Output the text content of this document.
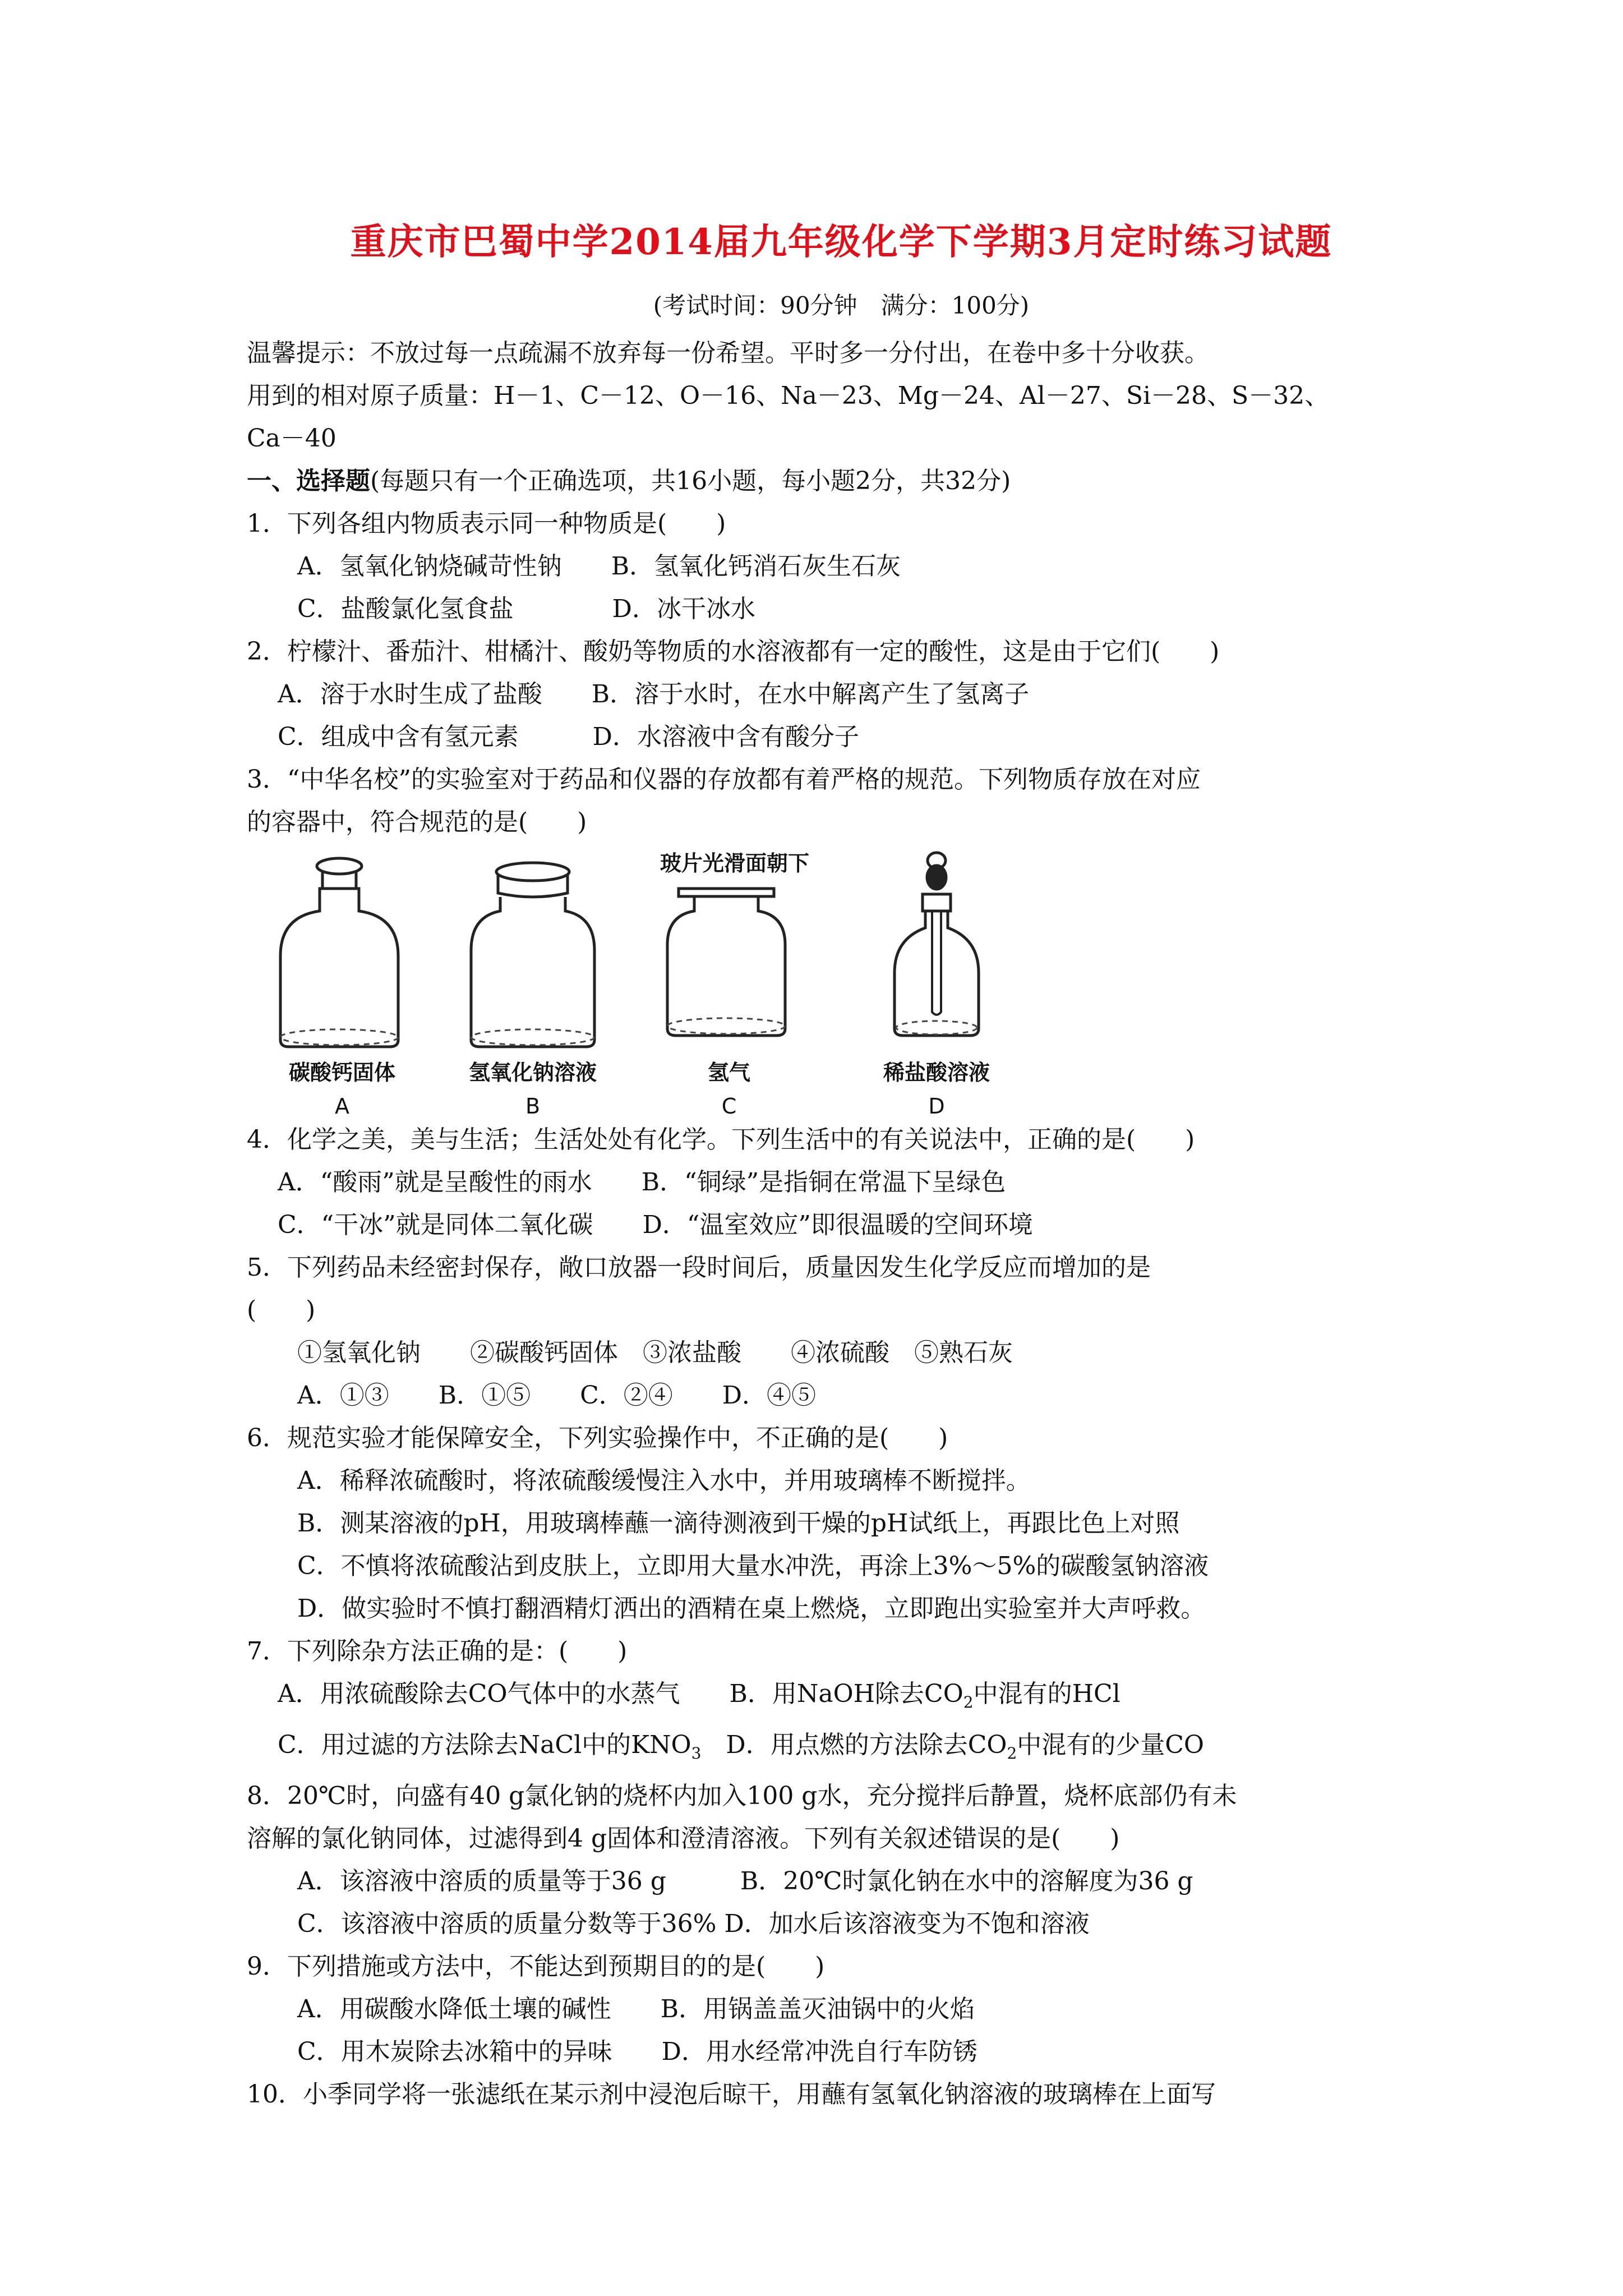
重庆市巴蜀中学2014届九年级化学下学期3月定时练习试题
(考试时间：90分钟　满分：100分)
温馨提示：不放过每一点疏漏不放弃每一份希望。平时多一分付出，在卷中多十分收获。
用到的相对原子质量：H－1、C－12、O－16、Na－23、Mg－24、Al－27、Si－28、S－32、
Ca－40
一、选择题(每题只有一个正确选项，共16小题，每小题2分，共32分)
1．下列各组内物质表示同一种物质是(　　)
A．氢氧化钠烧碱苛性钠　　B．氢氧化钙消石灰生石灰
C．盐酸氯化氢食盐　　　　D．冰干冰水
2．柠檬汁、番茄汁、柑橘汁、酸奶等物质的水溶液都有一定的酸性，这是由于它们(　　)
A．溶于水时生成了盐酸　　B．溶于水时，在水中解离产生了氢离子
C．组成中含有氢元素　　　D．水溶液中含有酸分子
3．“中华名校”的实验室对于药品和仪器的存放都有着严格的规范。下列物质存放在对应
的容器中，符合规范的是(　　)
碳酸钙固体
A
氢氧化钠溶液
B
玻片光滑面朝下
氢气
C
稀盐酸溶液
D
4．化学之美，美与生活；生活处处有化学。下列生活中的有关说法中，正确的是(　　)
A．“酸雨”就是呈酸性的雨水　　B．“铜绿”是指铜在常温下呈绿色
C．“干冰”就是同体二氧化碳　　D．“温室效应”即很温暖的空间环境
5．下列药品未经密封保存，敞口放器一段时间后，质量因发生化学反应而增加的是
(　　)
①氢氧化钠　　②碳酸钙固体　③浓盐酸　　④浓硫酸　⑤熟石灰
A．①③　　B．①⑤　　C．②④　　D．④⑤
6．规范实验才能保障安全，下列实验操作中，不正确的是(　　)
A．稀释浓硫酸时，将浓硫酸缓慢注入水中，并用玻璃棒不断搅拌。
B．测某溶液的pH，用玻璃棒蘸一滴待测液到干燥的pH试纸上，再跟比色上对照
C．不慎将浓硫酸沾到皮肤上，立即用大量水冲洗，再涂上3%～5%的碳酸氢钠溶液
D．做实验时不慎打翻酒精灯洒出的酒精在桌上燃烧，立即跑出实验室并大声呼救。
7．下列除杂方法正确的是：(　　)
A．用浓硫酸除去CO气体中的水蒸气　　 B．用NaOH除去$CO_2$中混有的HCl
C．用过滤的方法除去NaCl中的$KNO_3$　 D．用点燃的方法除去$CO_2$中混有的少量CO
8．20℃时，向盛有40 g氯化钠的烧杯内加入100 g水，充分搅拌后静置，烧杯底部仍有未
溶解的氯化钠同体，过滤得到4 g固体和澄清溶液。下列有关叙述错误的是(　　)
A．该溶液中溶质的质量等于36 g　　　B．20℃时氯化钠在水中的溶解度为36 g
C．该溶液中溶质的质量分数等于36% D．加水后该溶液变为不饱和溶液
9．下列措施或方法中，不能达到预期目的的是(　　)
A．用碳酸水降低土壤的碱性　　B．用锅盖盖灭油锅中的火焰
C．用木炭除去冰箱中的异味　　D．用水经常冲洗自行车防锈
10．小季同学将一张滤纸在某示剂中浸泡后晾干，用蘸有氢氧化钠溶液的玻璃棒在上面写
